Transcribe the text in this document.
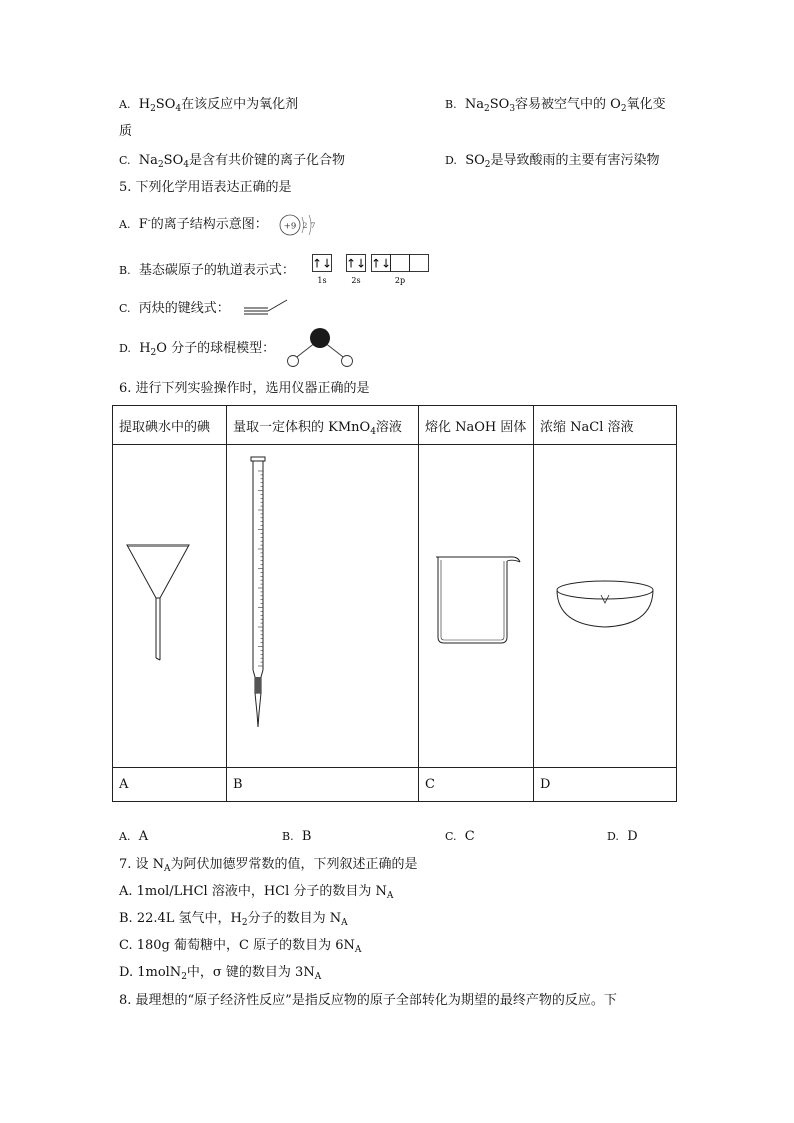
A. $H_2SO_4$在该反应中为氧化剂	B. $Na_2SO_3$容易被空气中的 $O_2$氧化变
质
C. $Na_2SO_4$是含有共价键的离子化合物	D. $SO_2$是导致酸雨的主要有害污染物
5. 下列化学用语表达正确的是
A. F-的离子结构示意图： +9 2 7
B. 基态碳原子的轨道表示式： ↑↓ ↑↓ ↑↓
1s	2s	2p
C. 丙炔的键线式：
D. $H_2O$ 分子的球棍模型：
6. 进行下列实验操作时，选用仪器正确的是
提取碘水中的碘	量取一定体积的 KMnO$_4$溶液	熔化 NaOH 固体	浓缩 NaCl 溶液

A	B	C	D
A. A	B. B	C. C	D. D
7. 设 $N_A$为阿伏加德罗常数的值，下列叙述正确的是
A. 1mol/LHCl 溶液中，HCl 分子的数目为 $N_A$
B. 22.4L 氢气中，$H_2$分子的数目为 $N_A$
C. 180g 葡萄糖中，C 原子的数目为 $6N_A$
D. 1molN$_2$中，σ 键的数目为 $3N_A$
8. 最理想的“原子经济性反应”是指反应物的原子全部转化为期望的最终产物的反应。下
